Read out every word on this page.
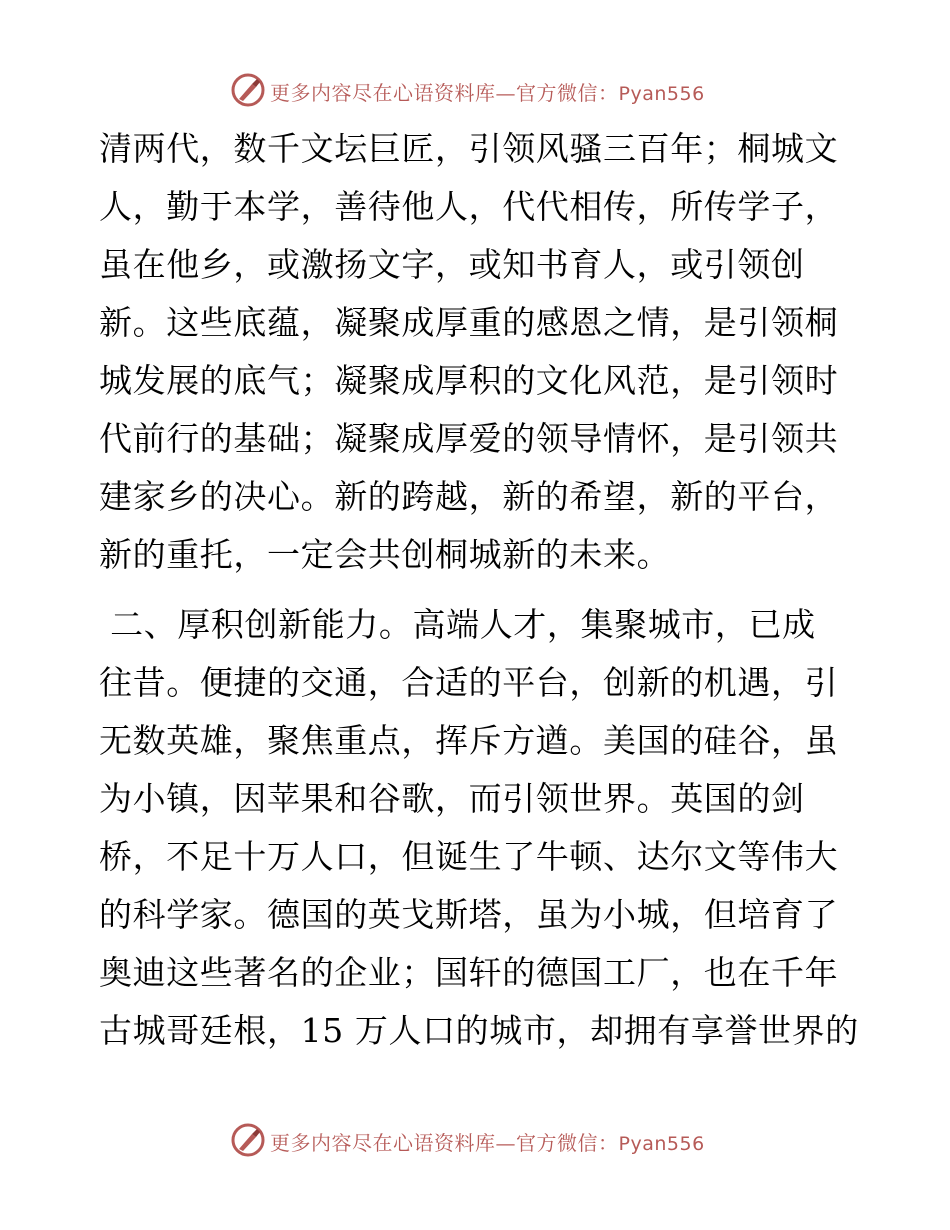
更多内容尽在心语资料库—官方微信：Pyan556
清两代，数千文坛巨匠，引领风骚三百年；桐城文
人，勤于本学，善待他人，代代相传，所传学子，
虽在他乡，或激扬文字，或知书育人，或引领创
新。这些底蕴，凝聚成厚重的感恩之情，是引领桐
城发展的底气；凝聚成厚积的文化风范，是引领时
代前行的基础；凝聚成厚爱的领导情怀，是引领共
建家乡的决心。新的跨越，新的希望，新的平台，
新的重托，一定会共创桐城新的未来。
二、厚积创新能力。高端人才，集聚城市，已成
往昔。便捷的交通，合适的平台，创新的机遇，引
无数英雄，聚焦重点，挥斥方遒。美国的硅谷，虽
为小镇，因苹果和谷歌，而引领世界。英国的剑
桥，不足十万人口，但诞生了牛顿、达尔文等伟大
的科学家。德国的英戈斯塔，虽为小城，但培育了
奥迪这些著名的企业；国轩的德国工厂，也在千年
古城哥廷根，15 万人口的城市，却拥有享誉世界的
更多内容尽在心语资料库—官方微信：Pyan556
